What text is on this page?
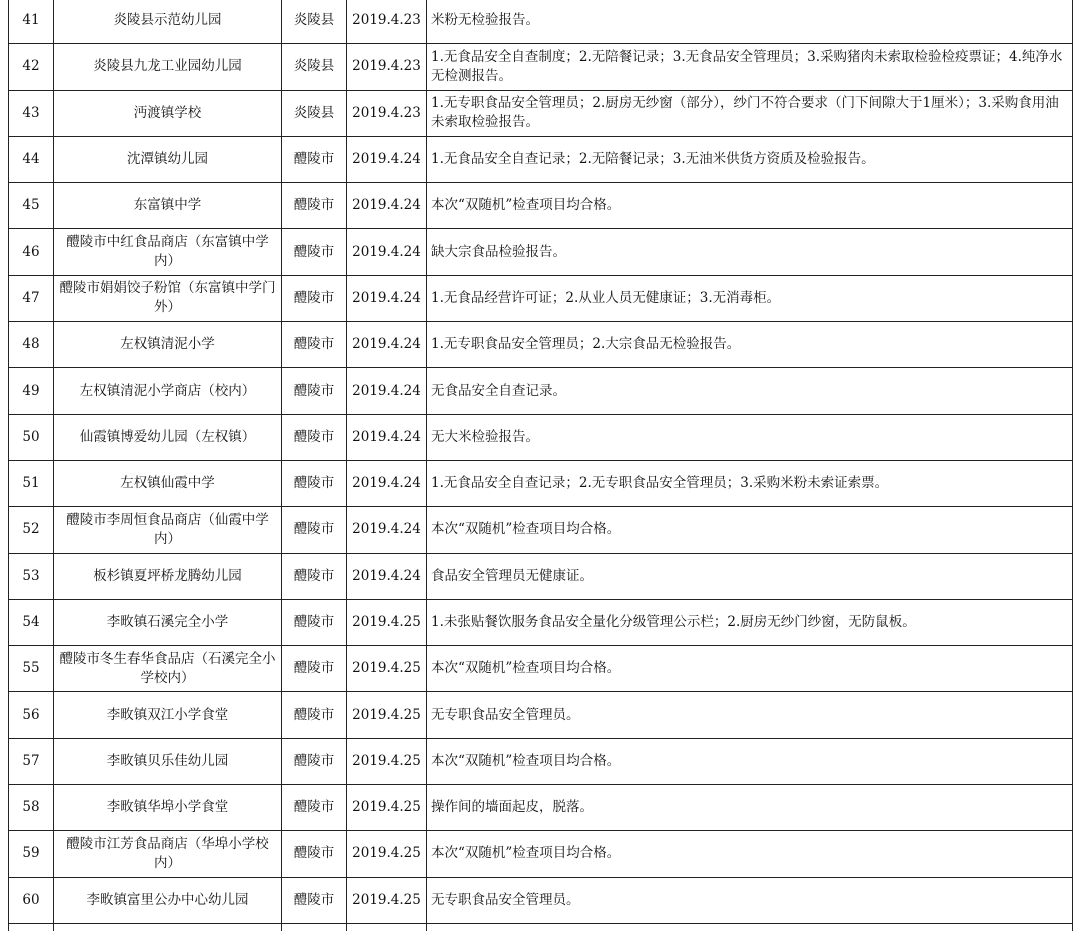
41	炎陵县示范幼儿园	炎陵县	2019.4.23	米粉无检验报告。
42	炎陵县九龙工业园幼儿园	炎陵县	2019.4.23	1.无食品安全自查制度；2.无陪餐记录；3.无食品安全管理员；3.采购猪肉未索取检验检疫票证；4.纯净水无检测报告。
43	沔渡镇学校	炎陵县	2019.4.23	1.无专职食品安全管理员；2.厨房无纱窗（部分），纱门不符合要求（门下间隙大于1厘米）；3.采购食用油未索取检验报告。
44	沈潭镇幼儿园	醴陵市	2019.4.24	1.无食品安全自查记录；2.无陪餐记录；3.无油米供货方资质及检验报告。
45	东富镇中学	醴陵市	2019.4.24	本次“双随机”检查项目均合格。
46	醴陵市中红食品商店（东富镇中学内）	醴陵市	2019.4.24	缺大宗食品检验报告。
47	醴陵市娟娟饺子粉馆（东富镇中学门外）	醴陵市	2019.4.24	1.无食品经营许可证；2.从业人员无健康证；3.无消毒柜。
48	左权镇清泥小学	醴陵市	2019.4.24	1.无专职食品安全管理员；2.大宗食品无检验报告。
49	左权镇清泥小学商店（校内）	醴陵市	2019.4.24	无食品安全自查记录。
50	仙霞镇博爱幼儿园（左权镇）	醴陵市	2019.4.24	无大米检验报告。
51	左权镇仙霞中学	醴陵市	2019.4.24	1.无食品安全自查记录；2.无专职食品安全管理员；3.采购米粉未索证索票。
52	醴陵市李周恒食品商店（仙霞中学内）	醴陵市	2019.4.24	本次“双随机”检查项目均合格。
53	板杉镇夏坪桥龙腾幼儿园	醴陵市	2019.4.24	食品安全管理员无健康证。
54	李畋镇石溪完全小学	醴陵市	2019.4.25	1.未张贴餐饮服务食品安全量化分级管理公示栏；2.厨房无纱门纱窗，无防鼠板。
55	醴陵市冬生春华食品店（石溪完全小学校内）	醴陵市	2019.4.25	本次“双随机”检查项目均合格。
56	李畋镇双江小学食堂	醴陵市	2019.4.25	无专职食品安全管理员。
57	李畋镇贝乐佳幼儿园	醴陵市	2019.4.25	本次“双随机”检查项目均合格。
58	李畋镇华埠小学食堂	醴陵市	2019.4.25	操作间的墙面起皮，脱落。
59	醴陵市江芳食品商店（华埠小学校内）	醴陵市	2019.4.25	本次“双随机”检查项目均合格。
60	李畋镇富里公办中心幼儿园	醴陵市	2019.4.25	无专职食品安全管理员。
